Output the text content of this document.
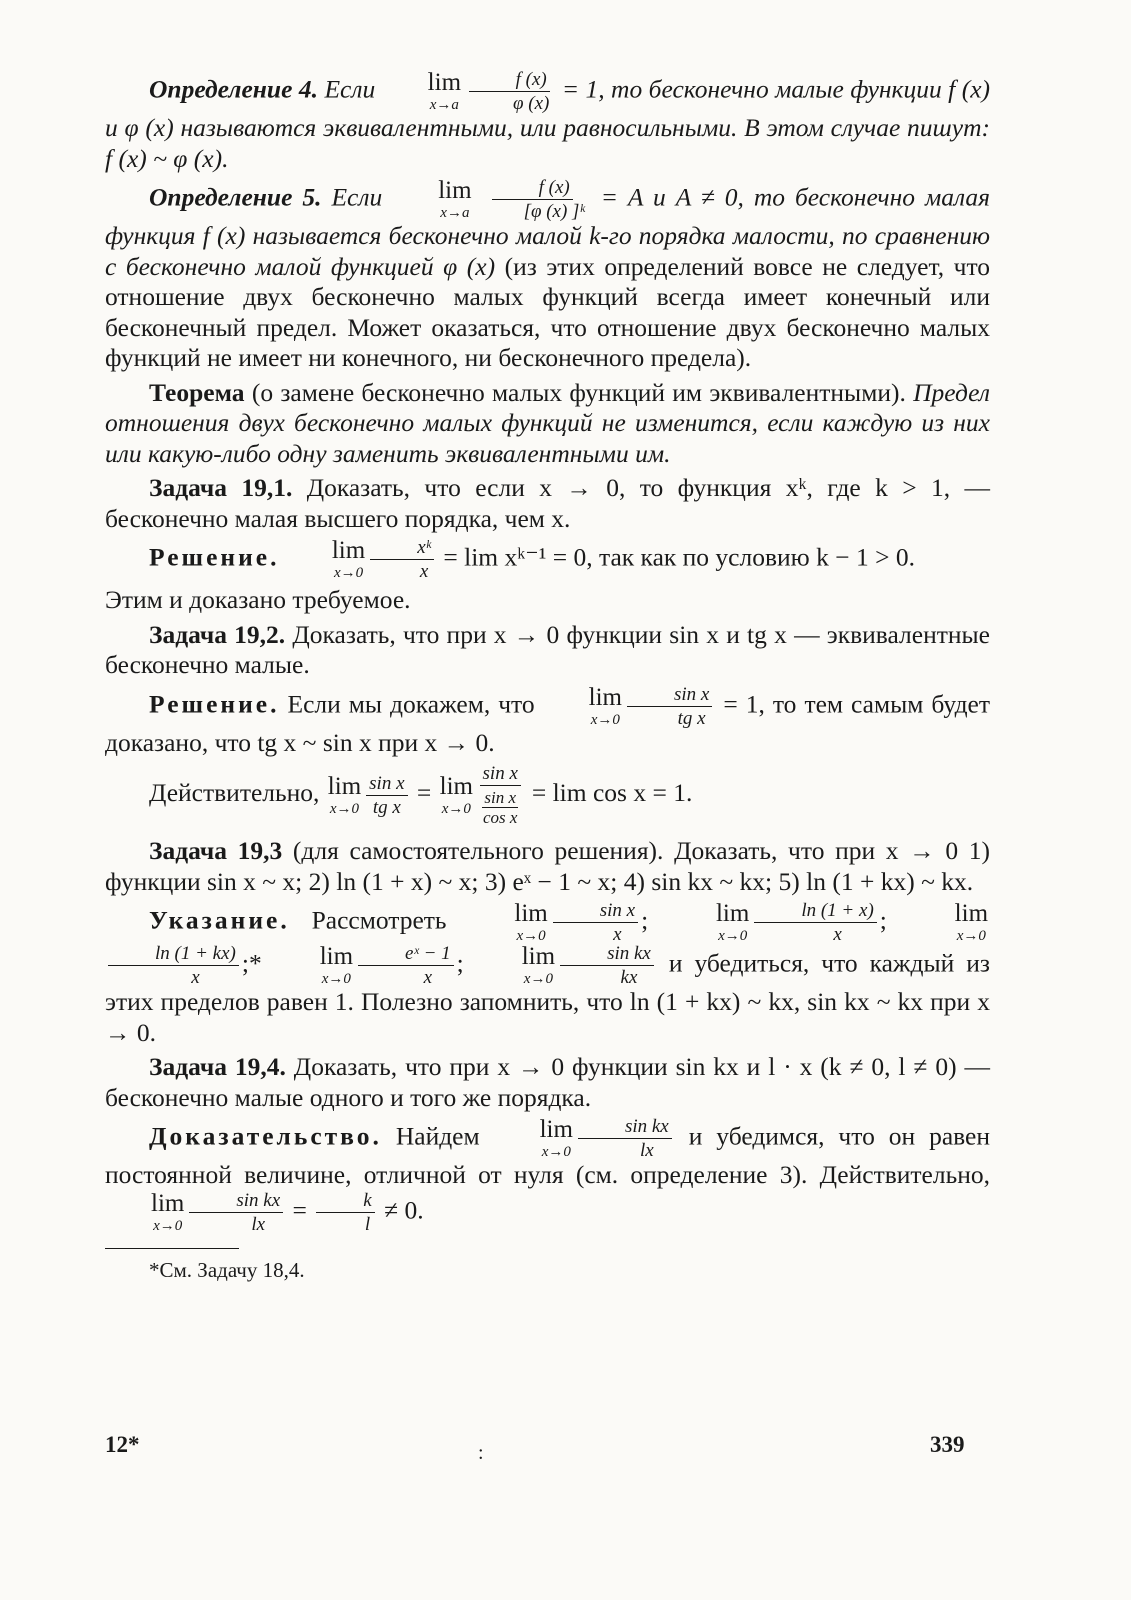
Определение 4. Если	lim
$x\to a \frac{f (x)}{\varphi (x)} = 1$, то бесконечно малые функции f (x) и φ (x) называются эквивалентными, или равносильными. В этом случае пишут: f (x) ~ φ (x).

Определение 5. Если	lim
$x\to a \frac{f (x)}{\text{[φ (x) ]ᵏ}} = A$ и A ≠ 0, то бесконечно малая функция f (x) называется бесконечно малой k-го порядка малости, по сравнению с бесконечно малой функцией φ (x) (из этих определений вовсе не следует, что отношение двух бесконечно малых функций всегда имеет конечный или бесконечный предел. Может оказаться, что отношение двух бесконечно малых функций не имеет ни конечного, ни бесконечного предела).

Теорема (о замене бесконечно малых функций им эквивалентными). Предел отношения двух бесконечно малых функций не изменится, если каждую из них или какую-либо одну заменить эквивалентными им.

Задача 19,1. Доказать, что если x → 0, то функция xᵏ, где k > 1, — бесконечно малая высшего порядка, чем x.

Решение.	lim
$x\to 0 \frac{\text{xᵏ}}{x} = \lim$ xᵏ⁻¹ = 0, так как по условию k − 1 > 0.

Этим и доказано требуемое.

Задача 19,2. Доказать, что при x → 0 функции sin x и tg x — эквивалентные бесконечно малые.

Решение. Если мы докажем, что	lim
$x\to 0 \frac{\text{sin x}}{\text{tg x}} = 1$, то тем самым будет доказано, что tg x ~ sin x при x → 0.

Действительно, lim
$x\to 0 \frac{\text{sin x}}{\text{tg x}} = \lim$
$x\to 0 \frac{\text{sin x}}{\frac{\text{sin x}}{\text{cos x}}} = \lim \cos x = 1$.

Задача 19,3 (для самостоятельного решения). Доказать, что при x → 0 1) функции sin x ~ x; 2) ln (1 + x) ~ x; 3) eˣ − 1 ~ x; 4) sin kx ~ kx; 5) ln (1 + kx) ~ kx.

Указание. Рассмотреть	lim
$x\to 0 \frac{\text{sin x}}{x}$ ;	lim
$x\to 0 \frac{\ln (1 + x)}{x}$ ;	lim
x→0
$\frac{\ln (1 + kx)}{x}$ ;*	lim
$x\to 0 \frac{\text{eˣ − 1}}{x}$ ;	lim
$x\to 0 \frac{\text{sin kx}}{kx}$ и убедиться, что каждый из этих пределов равен 1. Полезно запомнить, что ln (1 + kx) ~ kx, sin kx ~ kx при x → 0.

Задача 19,4. Доказать, что при x → 0 функции sin kx и l · x (k ≠ 0, l ≠ 0) — бесконечно малые одного и того же порядка.

Доказательство. Найдем	lim
$x\to 0 \frac{\text{sin kx}}{lx}$ и убедимся, что он равен постоянной величине, отличной от нуля (см. определение 3). Действительно,
lim
$x\to 0 \frac{\text{sin kx}}{lx} = \frac{k}{l} \ne 0$.

*См. Задачу 18,4.
12*	339
:
